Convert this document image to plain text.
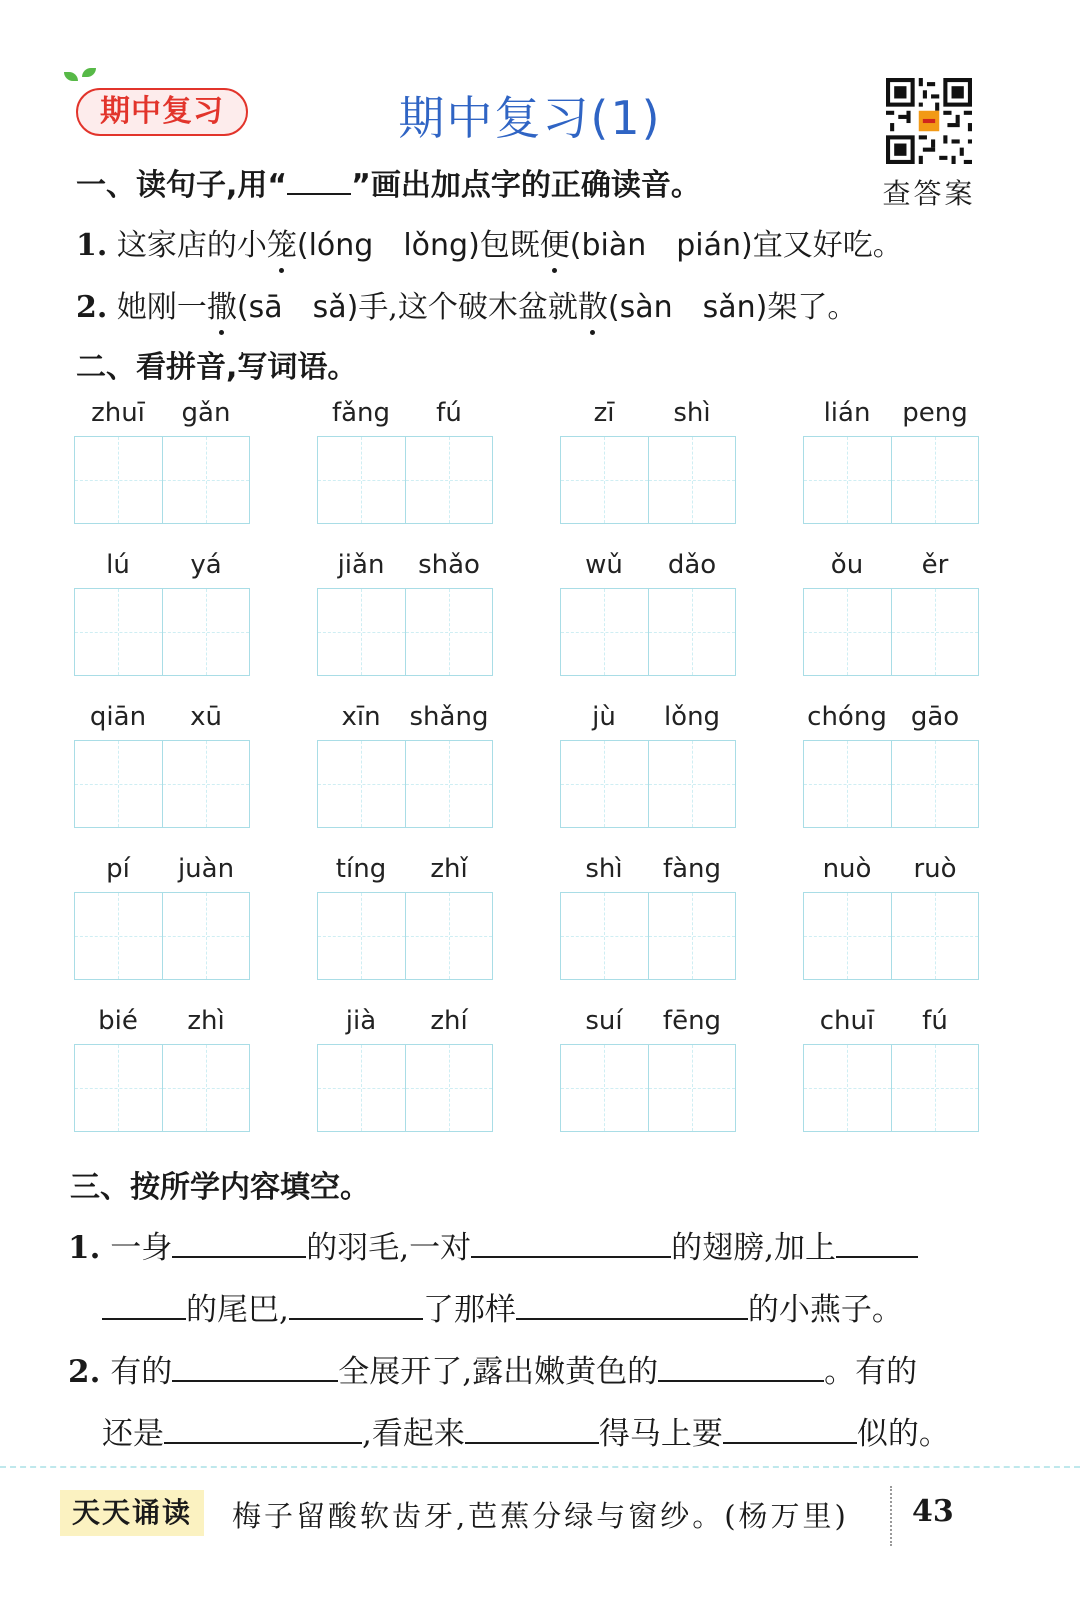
期中复习	期中复习(1)
查答案
一、读句子,用“ ”画出加点字的正确读音。
1. 这家店的小笼(lóng　lǒng)包既便(biàn　pián)宜又好吃。
2. 她刚一撒(sā　sǎ)手,这个破木盆就散(sàn　sǎn)架了。
二、看拼音,写词语。
zhuī	gǎn	fǎng	fú	zī	shì	lián	peng
lú	yá	jiǎn	shǎo	wǔ	dǎo	ǒu	ěr
qiān	xū	xīn	shǎng	jù	lǒng	chóng gāo
pí	juàn	tíng	zhǐ	shì	fàng	nuò	ruò
bié	zhì	jià	zhí	suí	fēng	chuī	fú
三、按所学内容填空。
1. 一身	的羽毛,一对	的翅膀,加上
的尾巴,	了那样	的小燕子。
2. 有的	全展开了,露出嫩黄色的	。有的
还是	,看起来	得马上要	似的。
天天诵读	梅子留酸软齿牙,芭蕉分绿与窗纱。(杨万里) 43
